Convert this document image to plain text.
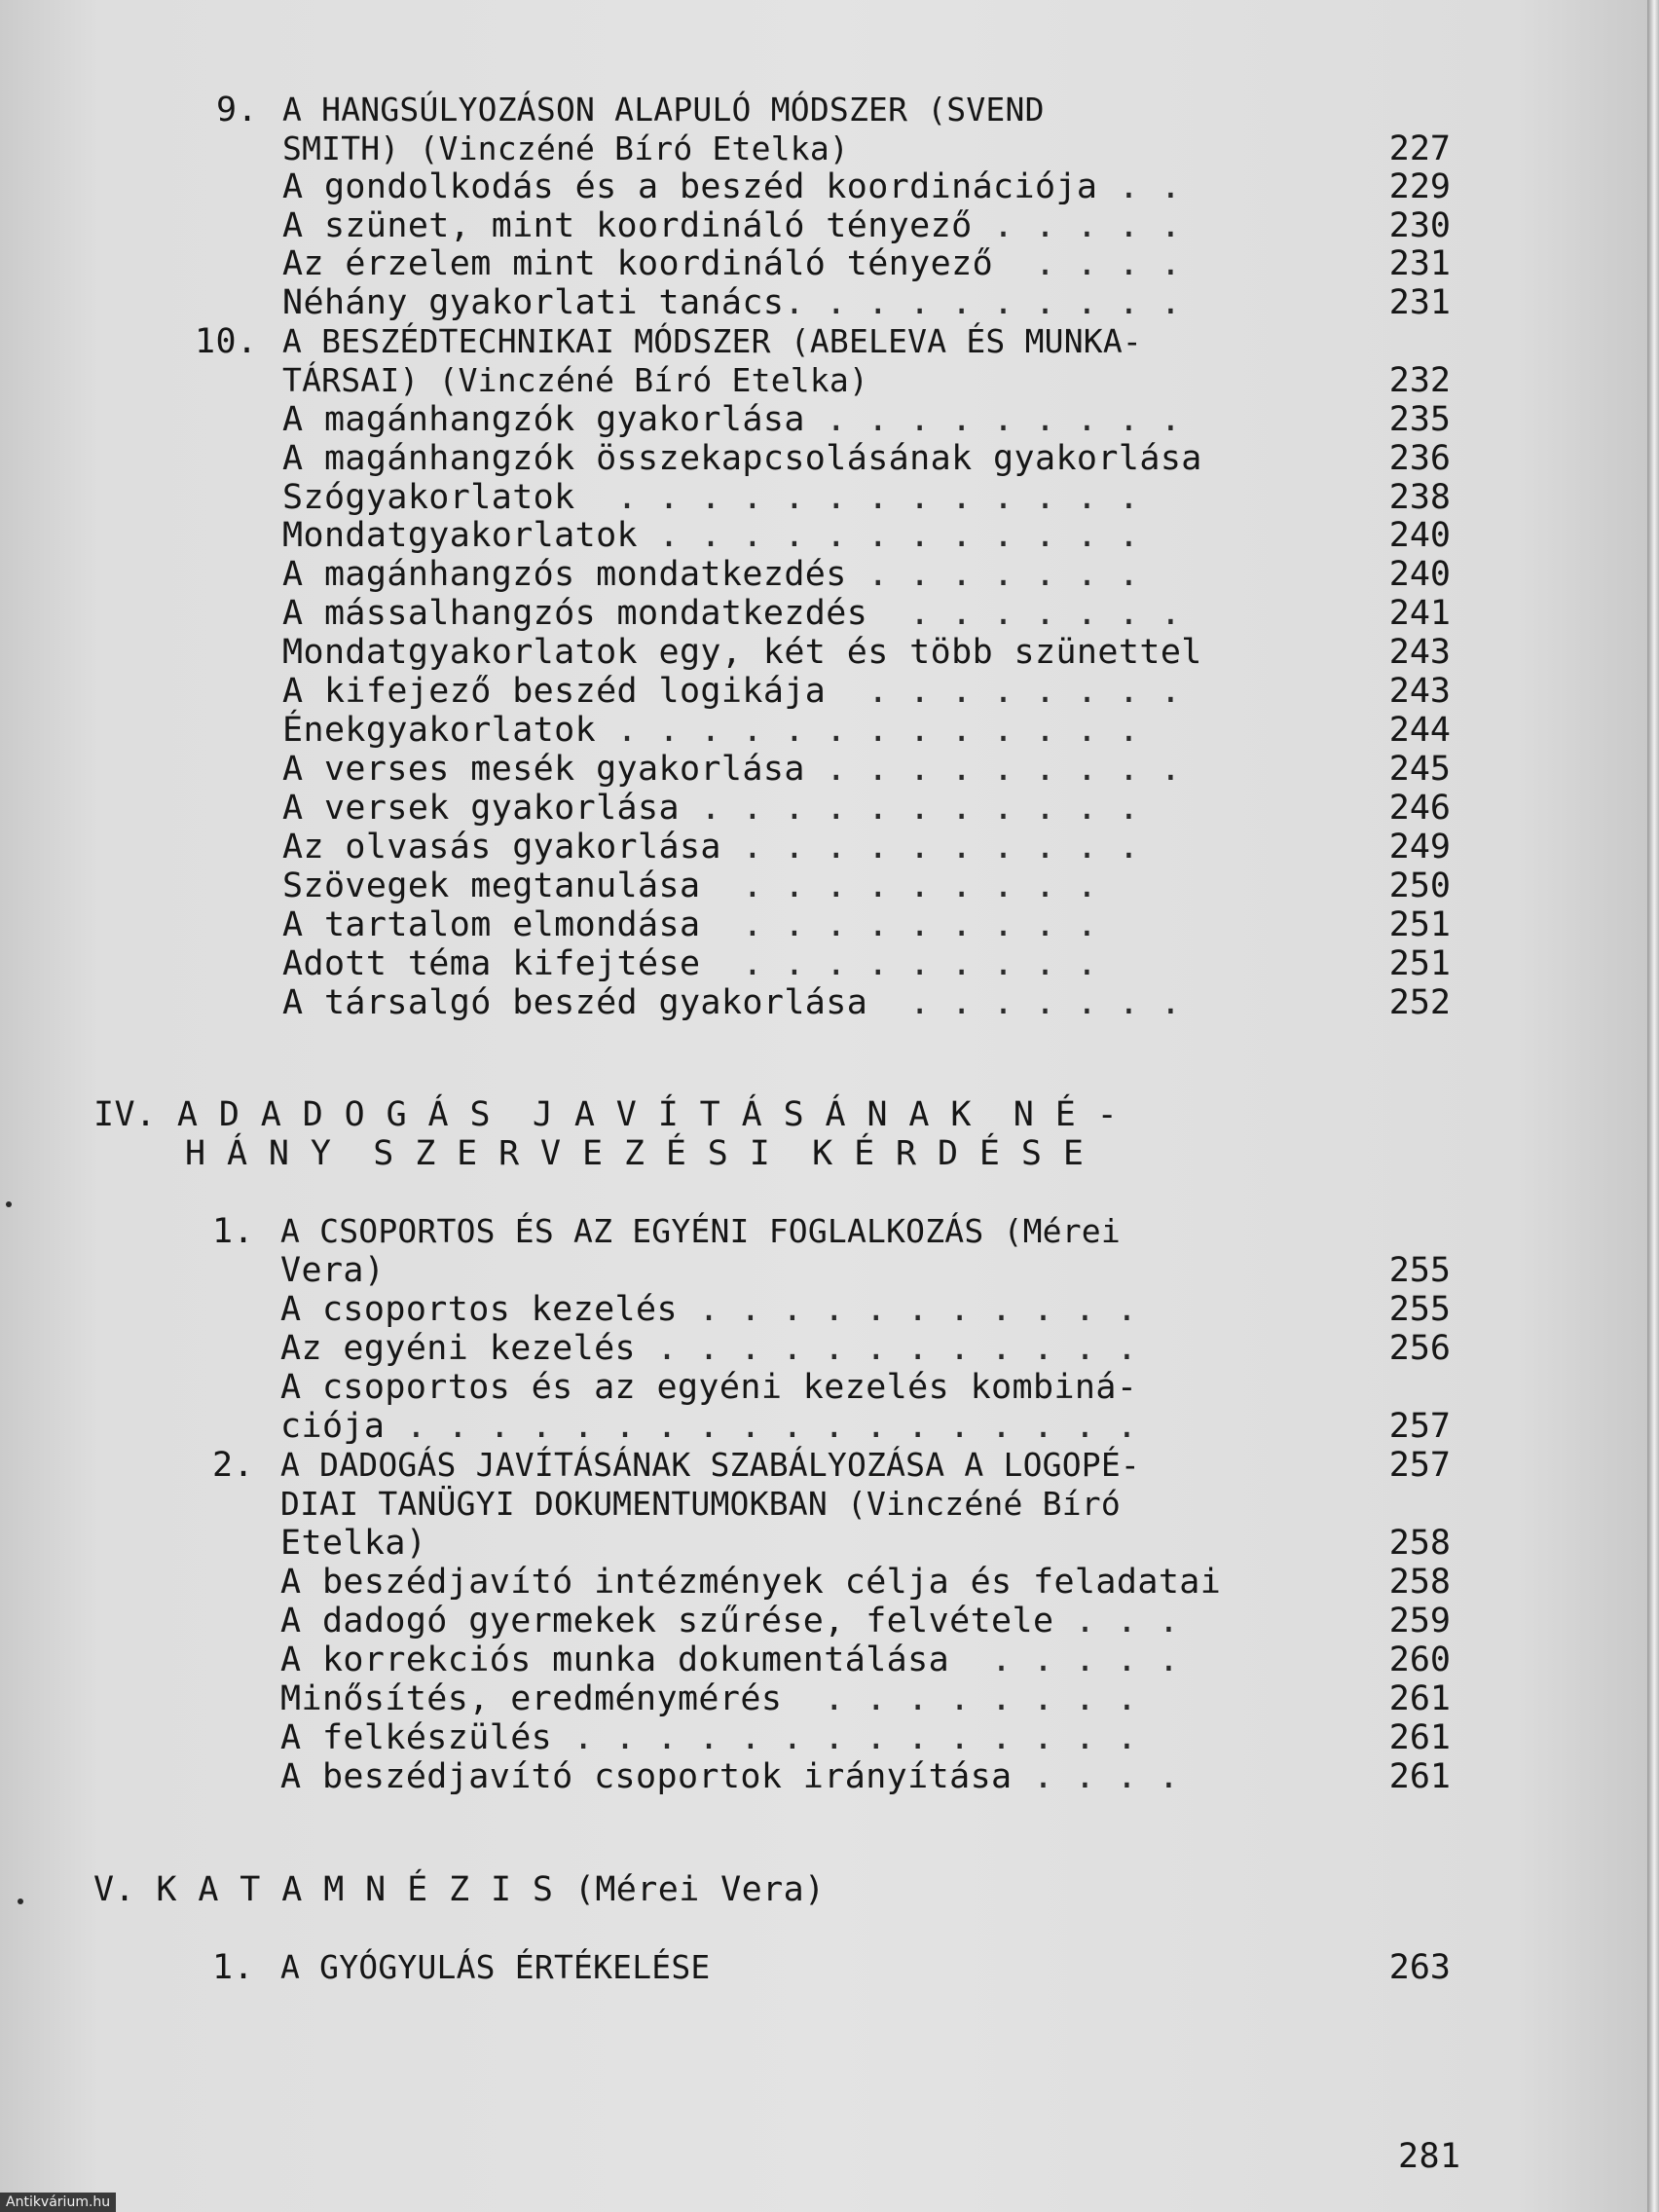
9. A HANGSÚLYOZÁSON ALAPULÓ MÓDSZER (SVEND
SMITH) (Vinczéné Bíró Etelka)	227
A gondolkodás és a beszéd koordinációja . .	229
A szünet, mint koordináló tényező . . . . .	230
Az érzelem mint koordináló tényező  . . . .	231
Néhány gyakorlati tanács. . . . . . . . . .	231
10. A BESZÉDTECHNIKAI MÓDSZER (ABELEVA ÉS MUNKA-
TÁRSAI) (Vinczéné Bíró Etelka)	232
A magánhangzók gyakorlása . . . . . . . . .	235
A magánhangzók összekapcsolásának gyakorlása	236
Szógyakorlatok  . . . . . . . . . . . . .	238
Mondatgyakorlatok . . . . . . . . . . . .	240
A magánhangzós mondatkezdés . . . . . . .	240
A mássalhangzós mondatkezdés  . . . . . . .	241
Mondatgyakorlatok egy, két és több szünettel	243
A kifejező beszéd logikája  . . . . . . . .	243
Énekgyakorlatok . . . . . . . . . . . . .	244
A verses mesék gyakorlása . . . . . . . . .	245
A versek gyakorlása . . . . . . . . . . .	246
Az olvasás gyakorlása . . . . . . . . . .	249
Szövegek megtanulása  . . . . . . . . .	250
A tartalom elmondása  . . . . . . . . .	251
Adott téma kifejtése  . . . . . . . . .	251
A társalgó beszéd gyakorlása  . . . . . . .	252
IV. A D A D O G Á S  J A V Í T Á S Á N A K  N É -
H Á N Y  S Z E R V E Z É S I  K É R D É S E
1. A CSOPORTOS ÉS AZ EGYÉNI FOGLALKOZÁS (Mérei
Vera)	255
A csoportos kezelés . . . . . . . . . . .	255
Az egyéni kezelés . . . . . . . . . . . .	256
A csoportos és az egyéni kezelés kombiná-
ciója . . . . . . . . . . . . . . . . . .	257
2. A DADOGÁS JAVÍTÁSÁNAK SZABÁLYOZÁSA A LOGOPÉ-	257
DIAI TANÜGYI DOKUMENTUMOKBAN (Vinczéné Bíró
Etelka)	258
A beszédjavító intézmények célja és feladatai	258
A dadogó gyermekek szűrése, felvétele . . .	259
A korrekciós munka dokumentálása  . . . . .	260
Minősítés, eredménymérés  . . . . . . . .	261
A felkészülés . . . . . . . . . . . . . .	261
A beszédjavító csoportok irányítása . . . .	261
V. K A T A M N É Z I S (Mérei Vera)
1. A GYÓGYULÁS ÉRTÉKELÉSE	263
281
Antikvárium.hu
